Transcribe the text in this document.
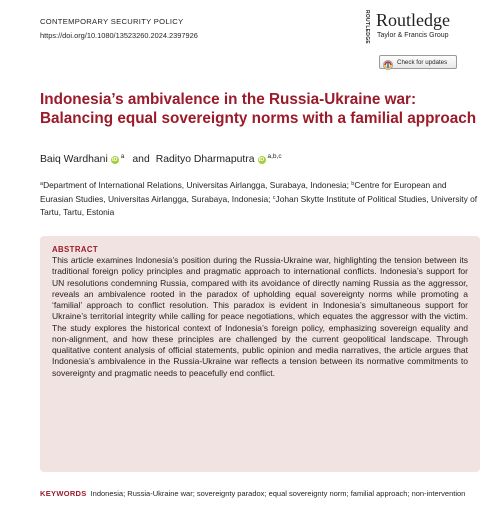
CONTEMPORARY SECURITY POLICY
https://doi.org/10.1080/13523260.2024.2397926	ROUTLEDGE Routledge
Taylor & Francis Group
Check for updates
Indonesia’s ambivalence in the Russia-Ukraine war: Balancing equal sovereignty norms with a familial approach
Baiq Wardhani iD a and Radityo Dharmaputra iD a,b,c
$^a$Department of International Relations, Universitas Airlangga, Surabaya, Indonesia; $^b$Centre for European and Eurasian Studies, Universitas Airlangga, Surabaya, Indonesia; $^c$Johan Skytte Institute of Political Studies, University of Tartu, Tartu, Estonia
ABSTRACT

This article examines Indonesia’s position during the Russia-Ukraine war, highlighting the tension between its traditional foreign policy principles and pragmatic approach to international conflicts. Indonesia’s support for UN resolutions condemning Russia, compared with its avoidance of directly naming Russia as the aggressor, reveals an ambivalence rooted in the paradox of upholding equal sovereignty norms while promoting a ‘familial’ approach to conflict resolution. This paradox is evident in Indonesia’s simultaneous support for Ukraine’s territorial integrity while calling for peace negotiations, which equates the aggressor with the victim. The study explores the historical context of Indonesia’s foreign policy, emphasizing sovereign equality and non-alignment, and how these principles are challenged by the current geopolitical landscape. Through qualitative content analysis of official statements, public opinion and media narratives, the article argues that Indonesia’s ambivalence in the Russia-Ukraine war reflects a tension between its normative commitments to sovereignty and pragmatic needs to peacefully end conflict.

KEYWORDS Indonesia; Russia-Ukraine war; sovereignty paradox; equal sovereignty norm; familial approach; non-intervention
